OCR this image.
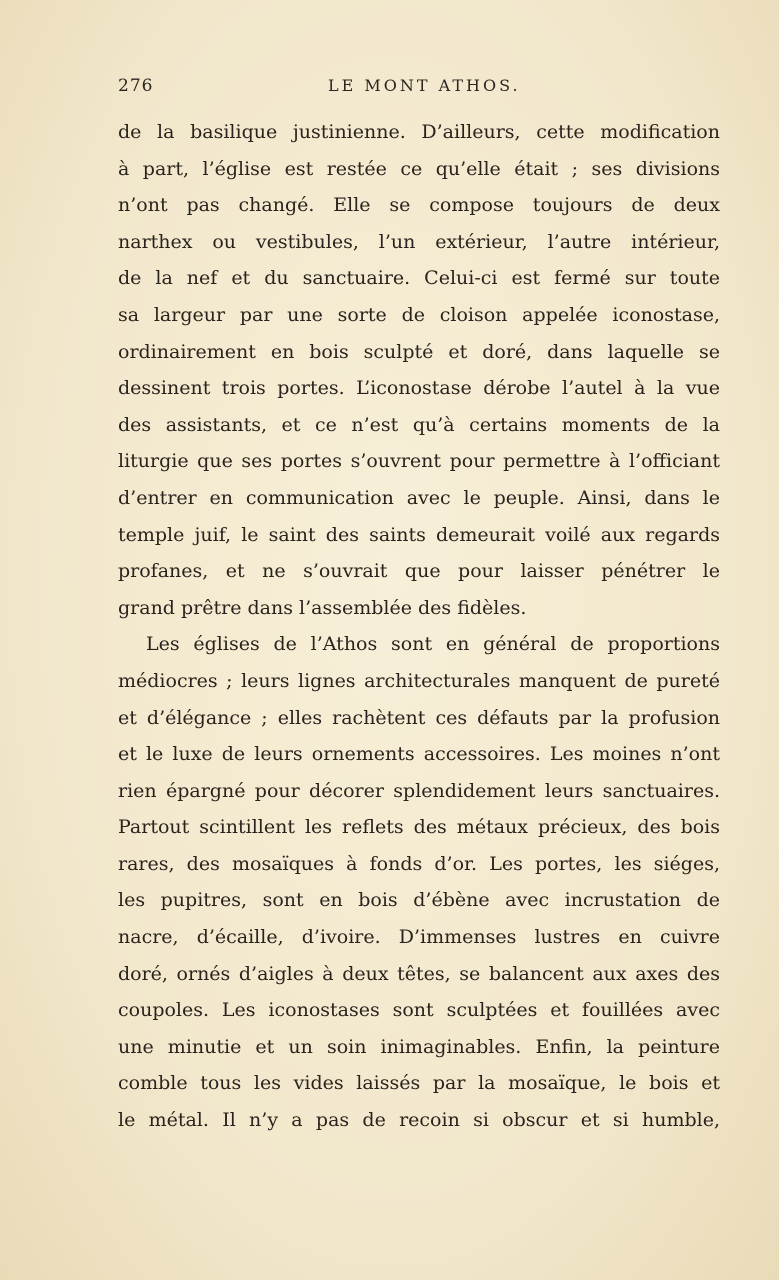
276	LE MONT ATHOS.
de la basilique justinienne. D’ailleurs, cette modification
à part, l’église est restée ce qu’elle était ; ses divisions
n’ont pas changé. Elle se compose toujours de deux
narthex ou vestibules, l’un extérieur, l’autre intérieur,
de la nef et du sanctuaire. Celui-ci est fermé sur toute
sa largeur par une sorte de cloison appelée iconostase,
ordinairement en bois sculpté et doré, dans laquelle se
dessinent trois portes. L’iconostase dérobe l’autel à la vue
des assistants, et ce n’est qu’à certains moments de la
liturgie que ses portes s’ouvrent pour permettre à l’officiant
d’entrer en communication avec le peuple. Ainsi, dans le
temple juif, le saint des saints demeurait voilé aux regards
profanes, et ne s’ouvrait que pour laisser pénétrer le
grand prêtre dans l’assemblée des fidèles.
Les églises de l’Athos sont en général de proportions
médiocres ; leurs lignes architecturales manquent de pureté
et d’élégance ; elles rachètent ces défauts par la profusion
et le luxe de leurs ornements accessoires. Les moines n’ont
rien épargné pour décorer splendidement leurs sanctuaires.
Partout scintillent les reflets des métaux précieux, des bois
rares, des mosaïques à fonds d’or. Les portes, les siéges,
les pupitres, sont en bois d’ébène avec incrustation de
nacre, d’écaille, d’ivoire. D’immenses lustres en cuivre
doré, ornés d’aigles à deux têtes, se balancent aux axes des
coupoles. Les iconostases sont sculptées et fouillées avec
une minutie et un soin inimaginables. Enfin, la peinture
comble tous les vides laissés par la mosaïque, le bois et
le métal. Il n’y a pas de recoin si obscur et si humble,
